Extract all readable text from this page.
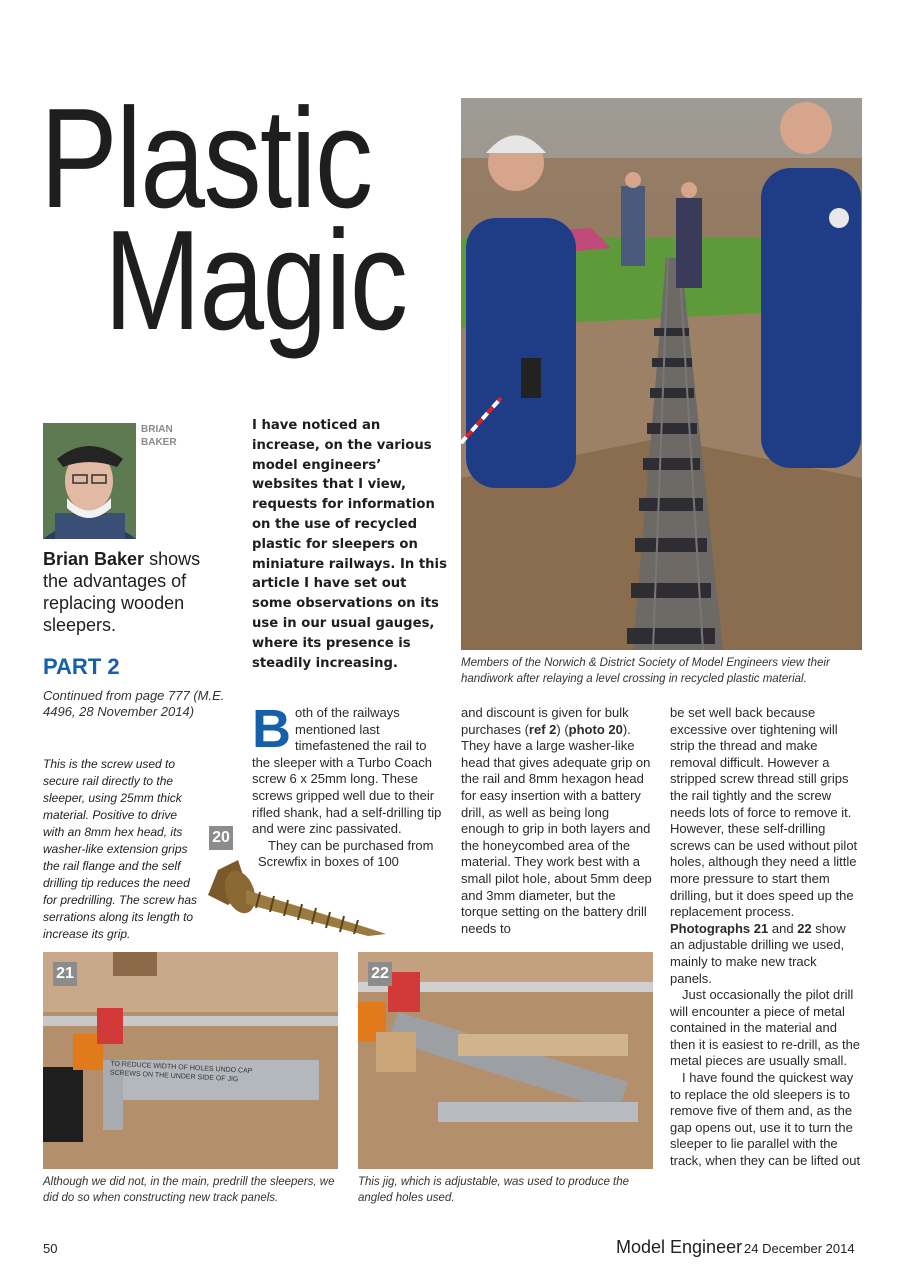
Plastic
Magic
Members of the Norwich & District Society of Model Engineers view their handiwork after relaying a level crossing in recycled plastic material.
BRIAN BAKER
Brian Baker shows the advantages of replacing wooden sleepers.
PART 2
Continued from page 777 (M.E. 4496, 28 November 2014)
I have noticed an increase, on the various model engineers’ websites that I view, requests for information on the use of recycled plastic for sleepers on miniature railways. In this article I have set out some observations on its use in our usual gauges, where its presence is steadily increasing.
This is the screw used to secure rail directly to the sleeper, using 25mm thick material. Positive to drive with an 8mm hex head, its washer-like extension grips the rail flange and the self drilling tip reduces the need for predrilling. The screw has serrations along its length to increase its grip.
20
B oth of the railways mentioned last timefastened the rail to the sleeper with a Turbo Coach screw 6 x 25mm long. These screws gripped well due to their rifled shank, had a self-drilling tip and were zinc passivated.

They can be purchased from Screwfix in boxes of 100

and discount is given for bulk purchases (ref 2) (photo 20). They have a large washer-like head that gives adequate grip on the rail and 8mm hexagon head for easy insertion with a battery drill, as well as being long enough to grip in both layers and the honeycombed area of the material. They work best with a small pilot hole, about 5mm deep and 3mm diameter, but the torque setting on the battery drill needs to

be set well back because excessive over tightening will strip the thread and make removal difficult. However a stripped screw thread still grips the rail tightly and the screw needs lots of force to remove it. However, these self-drilling screws can be used without pilot holes, although they need a little more pressure to start them drilling, but it does speed up the replacement process. Photographs 21 and 22 show an adjustable drilling we used, mainly to make new track panels.

Just occasionally the pilot drill will encounter a piece of metal contained in the material and then it is easiest to re-drill, as the metal pieces are usually small.

I have found the quickest way to replace the old sleepers is to remove five of them and, as the gap opens out, use it to turn the sleeper to lie parallel with the track, when they can be lifted out

21
TO REDUCE WIDTH OF HOLES UNDO CAP SCREWS ON THE UNDER SIDE OF JIG
Although we did not, in the main, predrill the sleepers, we did do so when constructing new track panels.
22
This jig, which is adjustable, was used to produce the angled holes used.
50	Model Engineer 24 December 2014
